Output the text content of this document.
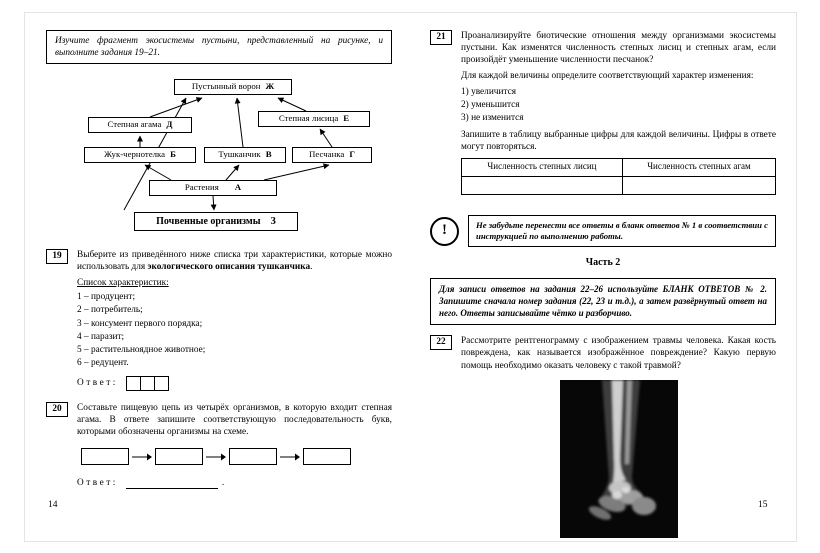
Изучите фрагмент экосистемы пустыни, представленный на рисунке, и выполните задания 19–21.
Пустынный ворон Ж
Степная агама Д
Степная лисица Е
Жук-чернотелка Б	Тушканчик В	Песчанка Г
Растения А
Почвенные организмы З
19	Выберите из приведённого ниже списка три характеристики, которые можно использовать для экологического описания тушканчика.

Список характеристик:

1 – продуцент;
2 – потребитель;
3 – консумент первого порядка;
4 – паразит;
5 – растительноядное животное;
6 – редуцент.
Ответ:
20	Составьте пищевую цепь из четырёх организмов, в которую входит степная агама. В ответе запишите соответствующую последовательность букв, которыми обозначены организмы на схеме.

Ответ:	.
21	Проанализируйте биотические отношения между организмами экосистемы пустыни. Как изменятся численность степных лисиц и степных агам, если произойдёт уменьшение численности песчанок?

Для каждой величины определите соответствующий характер изменения:

1) увеличится
2) уменьшится
3) не изменится

Запишите в таблицу выбранные цифры для каждой величины. Цифры в ответе могут повторяться.

Численность степных лисиц	Численность степных агам

!	Не забудьте перенести все ответы в бланк ответов № 1 в соответствии с инструкцией по выполнению работы.
Часть 2
Для записи ответов на задания 22–26 используйте БЛАНК ОТВЕТОВ № 2. Запишите сначала номер задания (22, 23 и т.д.), а затем развёрнутый ответ на него. Ответы записывайте чётко и разборчиво.
22	Рассмотрите рентгенограмму с изображением травмы человека. Какая кость повреждена, как называется изображённое повреждение? Какую первую помощь необходимо оказать человеку с такой травмой?

14	15
